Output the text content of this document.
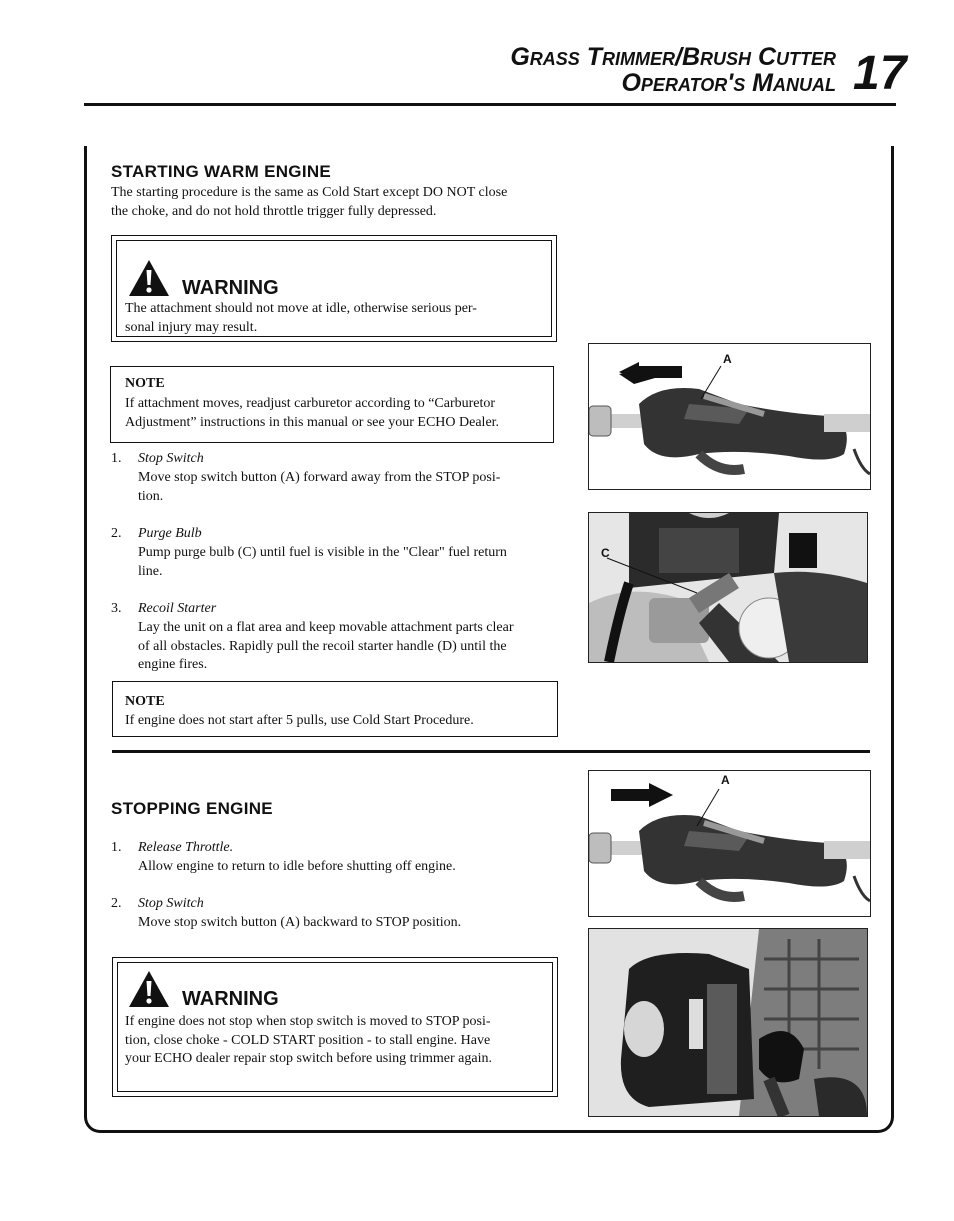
Grass Trimmer/Brush Cutter
Operator's Manual 17
STARTING WARM ENGINE
The starting procedure is the same as Cold Start except DO NOT close
the choke, and do not hold throttle trigger fully depressed.
WARNING
The attachment should not move at idle, otherwise serious per-
sonal injury may result.
NOTE
If attachment moves, readjust carburetor according to “Carburetor
Adjustment” instructions in this manual or see your ECHO Dealer.
1. Stop Switch
Move stop switch button (A) forward away from the STOP posi-
tion.
2. Purge Bulb
Pump purge bulb (C) until fuel is visible in the "Clear" fuel return
line.
3. Recoil Starter
Lay the unit on a flat area and keep movable attachment parts clear
of all obstacles. Rapidly pull the recoil starter handle (D) until the
engine fires.
NOTE
If engine does not start after 5 pulls, use Cold Start Procedure.
STOPPING ENGINE
1. Release Throttle.
Allow engine to return to idle before shutting off engine.
2. Stop Switch
Move stop switch button (A) backward to STOP position.
WARNING
If engine does not stop when stop switch is moved to STOP posi-
tion, close choke - COLD START position - to stall engine. Have
your ECHO dealer repair stop switch before using trimmer again.
A
C
A
